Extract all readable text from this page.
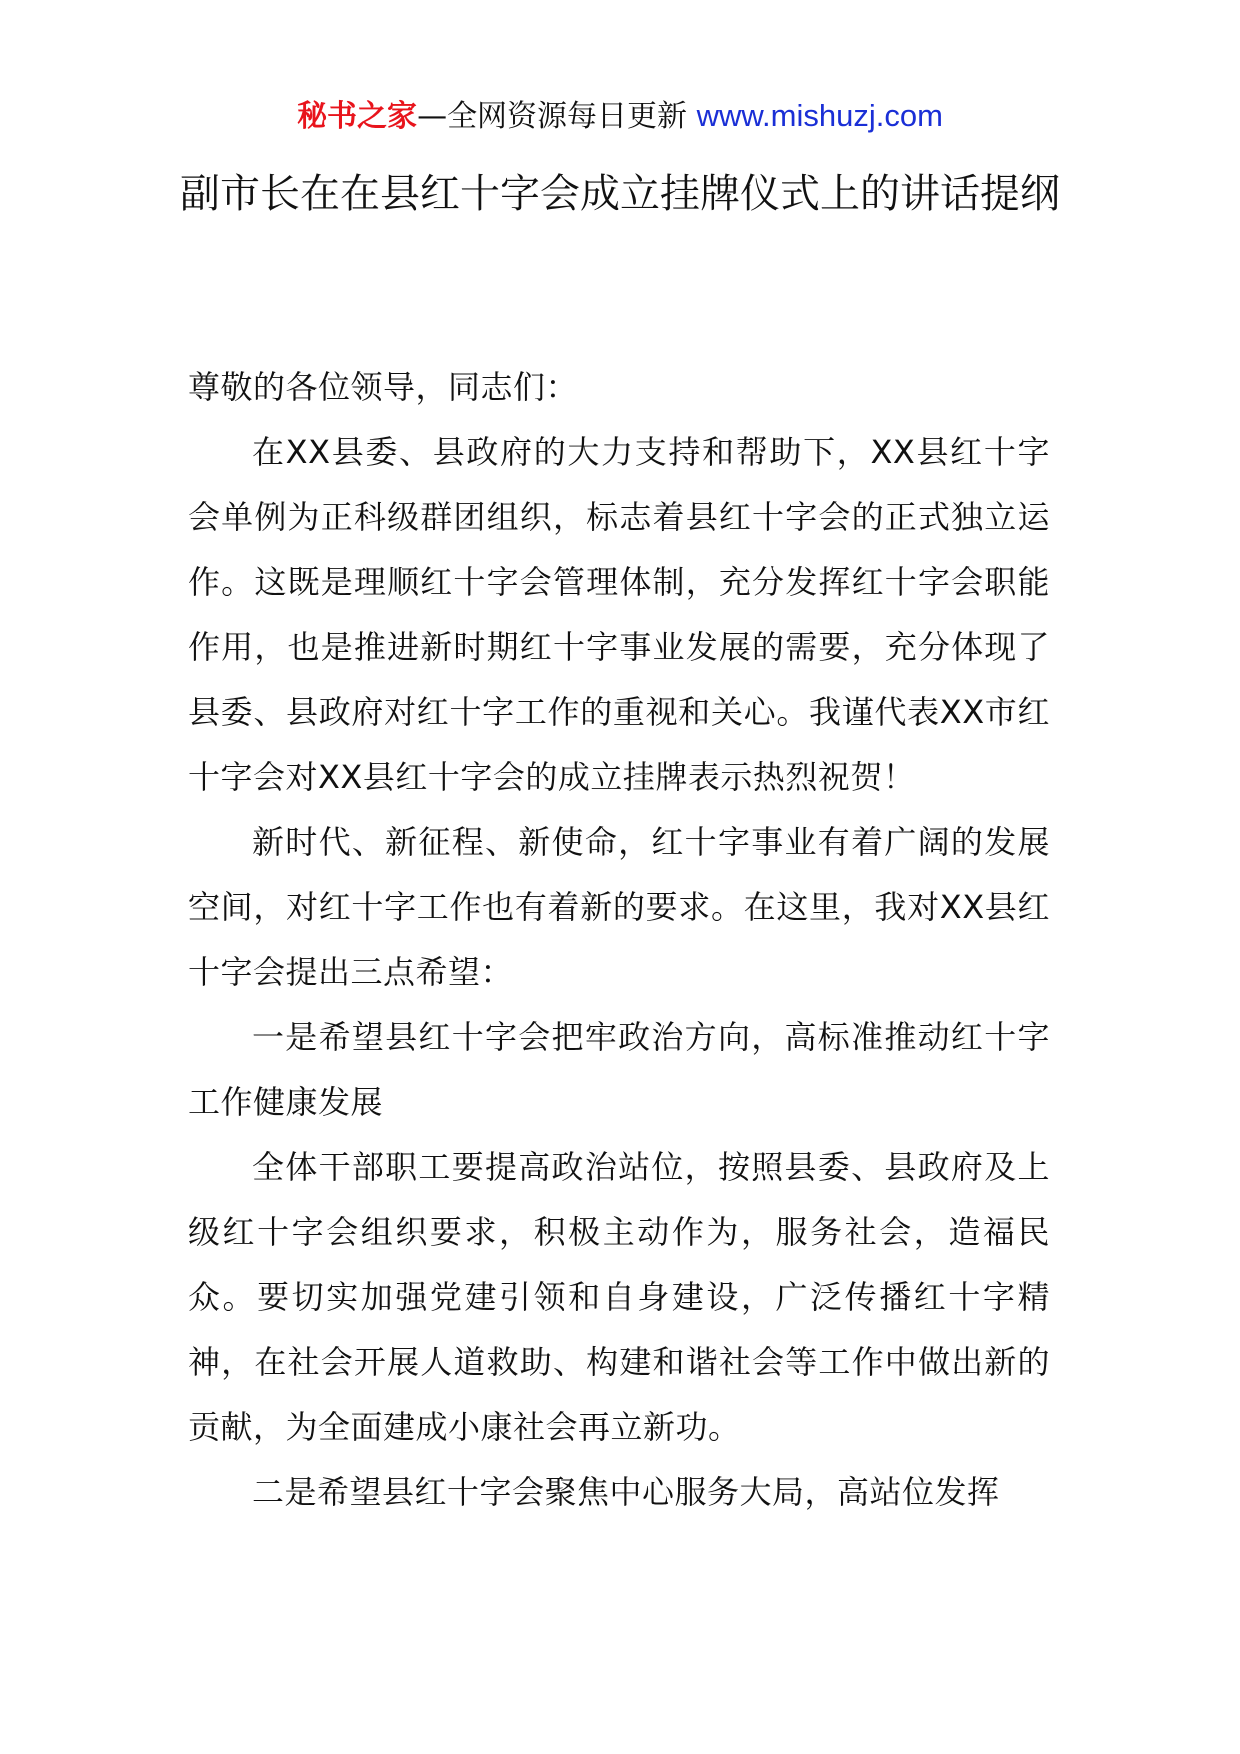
秘书之家—全网资源每日更新 www.mishuzj.com
副市长在在县红十字会成立挂牌仪式上的讲话提纲

尊敬的各位领导，同志们：

在XX县委、县政府的大力支持和帮助下，XX县红十字会单例为正科级群团组织，标志着县红十字会的正式独立运作。这既是理顺红十字会管理体制，充分发挥红十字会职能作用，也是推进新时期红十字事业发展的需要，充分体现了县委、县政府对红十字工作的重视和关心。我谨代表XX市红十字会对XX县红十字会的成立挂牌表示热烈祝贺！

新时代、新征程、新使命，红十字事业有着广阔的发展空间，对红十字工作也有着新的要求。在这里，我对XX县红十字会提出三点希望：

一是希望县红十字会把牢政治方向，高标准推动红十字工作健康发展

全体干部职工要提高政治站位，按照县委、县政府及上级红十字会组织要求，积极主动作为，服务社会，造福民众。要切实加强党建引领和自身建设，广泛传播红十字精神，在社会开展人道救助、构建和谐社会等工作中做出新的贡献，为全面建成小康社会再立新功。

二是希望县红十字会聚焦中心服务大局，高站位发挥
